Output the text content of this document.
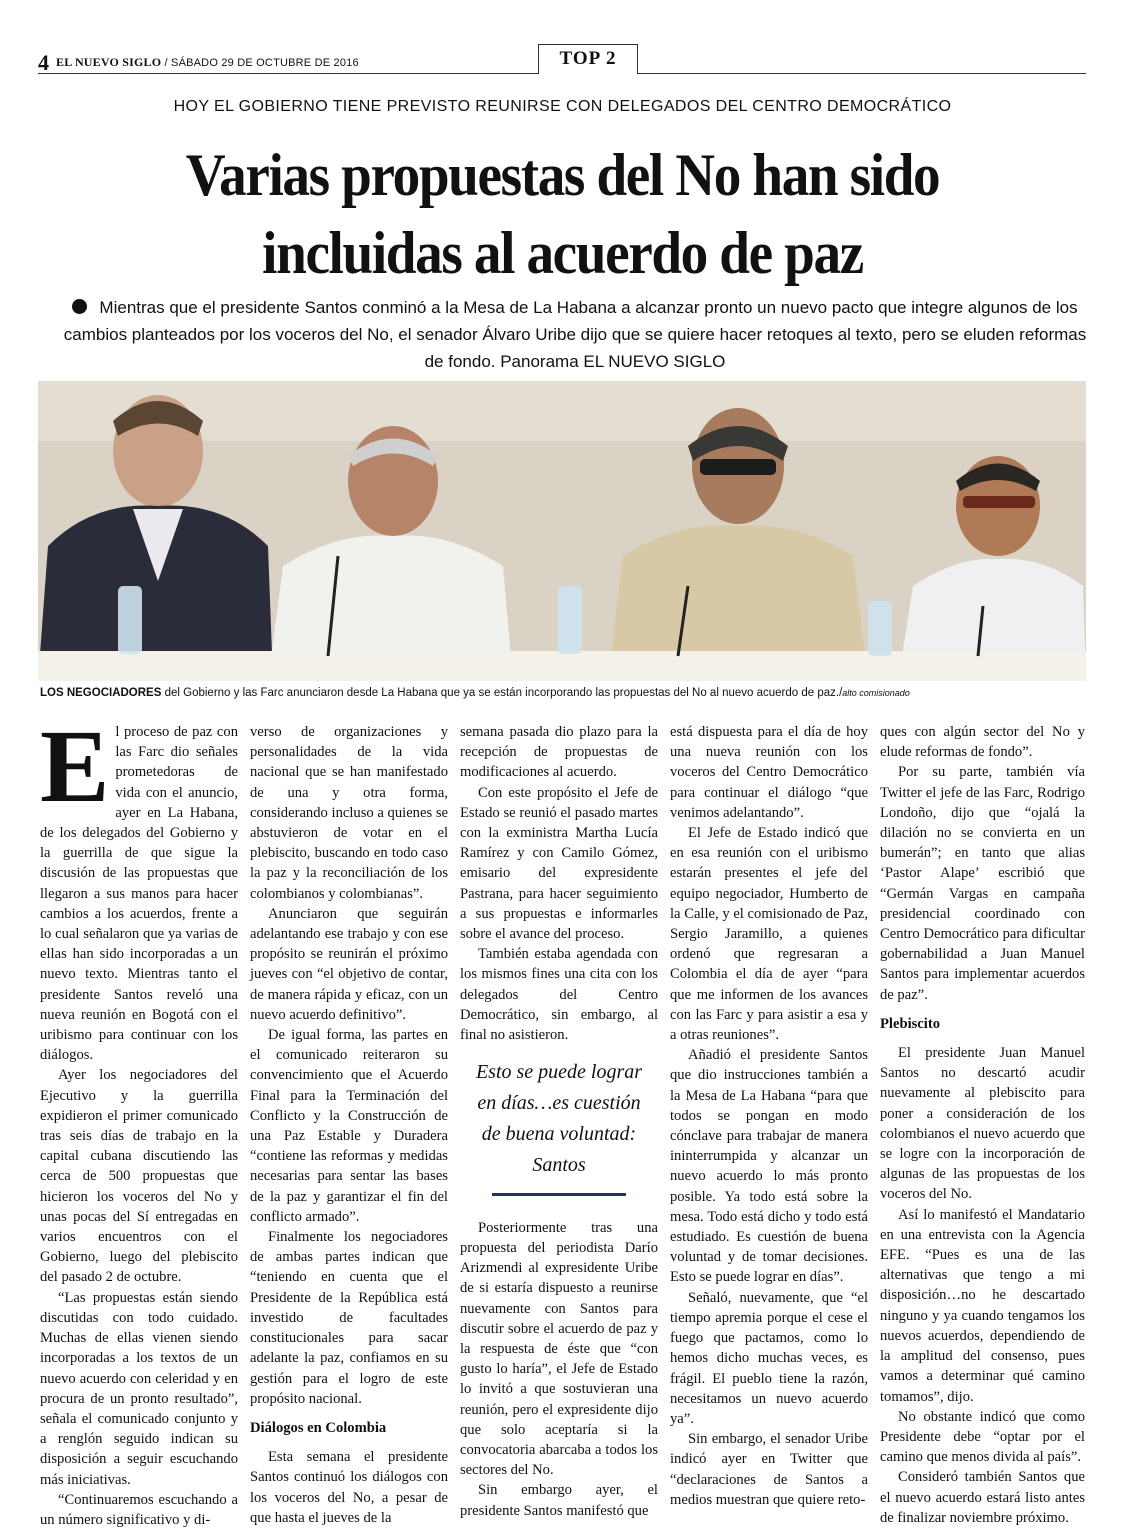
4 EL NUEVO SIGLO / SÁBADO 29 DE OCTUBRE DE 2016	TOP 2
HOY EL GOBIERNO TIENE PREVISTO REUNIRSE CON DELEGADOS DEL CENTRO DEMOCRÁTICO
Varias propuestas del No han sido
incluidas al acuerdo de paz
Mientras que el presidente Santos conminó a la Mesa de La Habana a alcanzar pronto un nuevo pacto que integre algunos de los cambios planteados por los voceros del No, el senador Álvaro Uribe dijo que se quiere hacer retoques al texto, pero se eluden reformas de fondo. Panorama EL NUEVO SIGLO
LOS NEGOCIADORES del Gobierno y las Farc anunciaron desde La Habana que ya se están incorporando las propuestas del No al nuevo acuerdo de paz./alto comisionado

El proceso de paz con las Farc dio señales prometedoras de vida con el anuncio, ayer en La Habana, de los delegados del Gobierno y la guerrilla de que sigue la discusión de las propuestas que llegaron a sus manos para hacer cambios a los acuerdos, frente a lo cual señalaron que ya varias de ellas han sido incorporadas a un nuevo texto. Mientras tanto el presidente Santos reveló una nueva reunión en Bogotá con el uribismo para continuar con los diálogos.

Ayer los negociadores del Ejecutivo y la guerrilla expidieron el primer comunicado tras seis días de trabajo en la capital cubana discutiendo las cerca de 500 propuestas que hicieron los voceros del No y unas pocas del Sí entregadas en varios encuentros con el Gobierno, luego del plebiscito del pasado 2 de octubre.

“Las propuestas están siendo discutidas con todo cuidado. Muchas de ellas vienen siendo incorporadas a los textos de un nuevo acuerdo con celeridad y en procura de un pronto resultado”, señala el comunicado conjunto y a renglón seguido indican su disposición a seguir escuchando más iniciativas.

“Continuaremos escuchando a un número significativo y di-

verso de organizaciones y personalidades de la vida nacional que se han manifestado de una y otra forma, considerando incluso a quienes se abstuvieron de votar en el plebiscito, buscando en todo caso la paz y la reconciliación de los colombianos y colombianas”.

Anunciaron que seguirán adelantando ese trabajo y con ese propósito se reunirán el próximo jueves con “el objetivo de contar, de manera rápida y eficaz, con un nuevo acuerdo definitivo”.

De igual forma, las partes en el comunicado reiteraron su convencimiento que el Acuerdo Final para la Terminación del Conflicto y la Construcción de una Paz Estable y Duradera “contiene las reformas y medidas necesarias para sentar las bases de la paz y garantizar el fin del conflicto armado”.

Finalmente los negociadores de ambas partes indican que “teniendo en cuenta que el Presidente de la República está investido de facultades constitucionales para sacar adelante la paz, confiamos en su gestión para el logro de este propósito nacional.

Diálogos en Colombia

Esta semana el presidente Santos continuó los diálogos con los voceros del No, a pesar de que hasta el jueves de la

semana pasada dio plazo para la recepción de propuestas de modificaciones al acuerdo.

Con este propósito el Jefe de Estado se reunió el pasado martes con la exministra Martha Lucía Ramírez y con Camilo Gómez, emisario del expresidente Pastrana, para hacer seguimiento a sus propuestas e informarles sobre el avance del proceso.

También estaba agendada con los mismos fines una cita con los delegados del Centro Democrático, sin embargo, al final no asistieron.

Esto se puede lograr en días…es cuestión de buena voluntad: Santos

Posteriormente tras una propuesta del periodista Darío Arizmendi al expresidente Uribe de si estaría dispuesto a reunirse nuevamente con Santos para discutir sobre el acuerdo de paz y la respuesta de éste que “con gusto lo haría”, el Jefe de Estado lo invitó a que sostuvieran una reunión, pero el expresidente dijo que solo aceptaría si la convocatoria abarcaba a todos los sectores del No.

Sin embargo ayer, el presidente Santos manifestó que

está dispuesta para el día de hoy una nueva reunión con los voceros del Centro Democrático para continuar el diálogo “que venimos adelantando”.

El Jefe de Estado indicó que en esa reunión con el uribismo estarán presentes el jefe del equipo negociador, Humberto de la Calle, y el comisionado de Paz, Sergio Jaramillo, a quienes ordenó que regresaran a Colombia el día de ayer “para que me informen de los avances con las Farc y para asistir a esa y a otras reuniones”.

Añadió el presidente Santos que dio instrucciones también a la Mesa de La Habana “para que todos se pongan en modo cónclave para trabajar de manera ininterrumpida y alcanzar un nuevo acuerdo lo más pronto posible. Ya todo está sobre la mesa. Todo está dicho y todo está estudiado. Es cuestión de buena voluntad y de tomar decisiones. Esto se puede lograr en días”.

Señaló, nuevamente, que “el tiempo apremia porque el cese el fuego que pactamos, como lo hemos dicho muchas veces, es frágil. El pueblo tiene la razón, necesitamos un nuevo acuerdo ya”.

Sin embargo, el senador Uribe indicó ayer en Twitter que “declaraciones de Santos a medios muestran que quiere reto-

ques con algún sector del No y elude reformas de fondo”.

Por su parte, también vía Twitter el jefe de las Farc, Rodrigo Londoño, dijo que “ojalá la dilación no se convierta en un bumerán”; en tanto que alias ‘Pastor Alape’ escribió que “Germán Vargas en campaña presidencial coordinado con Centro Democrático para dificultar gobernabilidad a Juan Manuel Santos para implementar acuerdos de paz”.

Plebiscito

El presidente Juan Manuel Santos no descartó acudir nuevamente al plebiscito para poner a consideración de los colombianos el nuevo acuerdo que se logre con la incorporación de algunas de las propuestas de los voceros del No.

Así lo manifestó el Mandatario en una entrevista con la Agencia EFE. “Pues es una de las alternativas que tengo a mi disposición…no he descartado ninguno y ya cuando tengamos los nuevos acuerdos, dependiendo de la amplitud del consenso, pues vamos a determinar qué camino tomamos”, dijo.

No obstante indicó que como Presidente debe “optar por el camino que menos divida al país”.

Consideró también Santos que el nuevo acuerdo estará listo antes de finalizar noviembre próximo.
